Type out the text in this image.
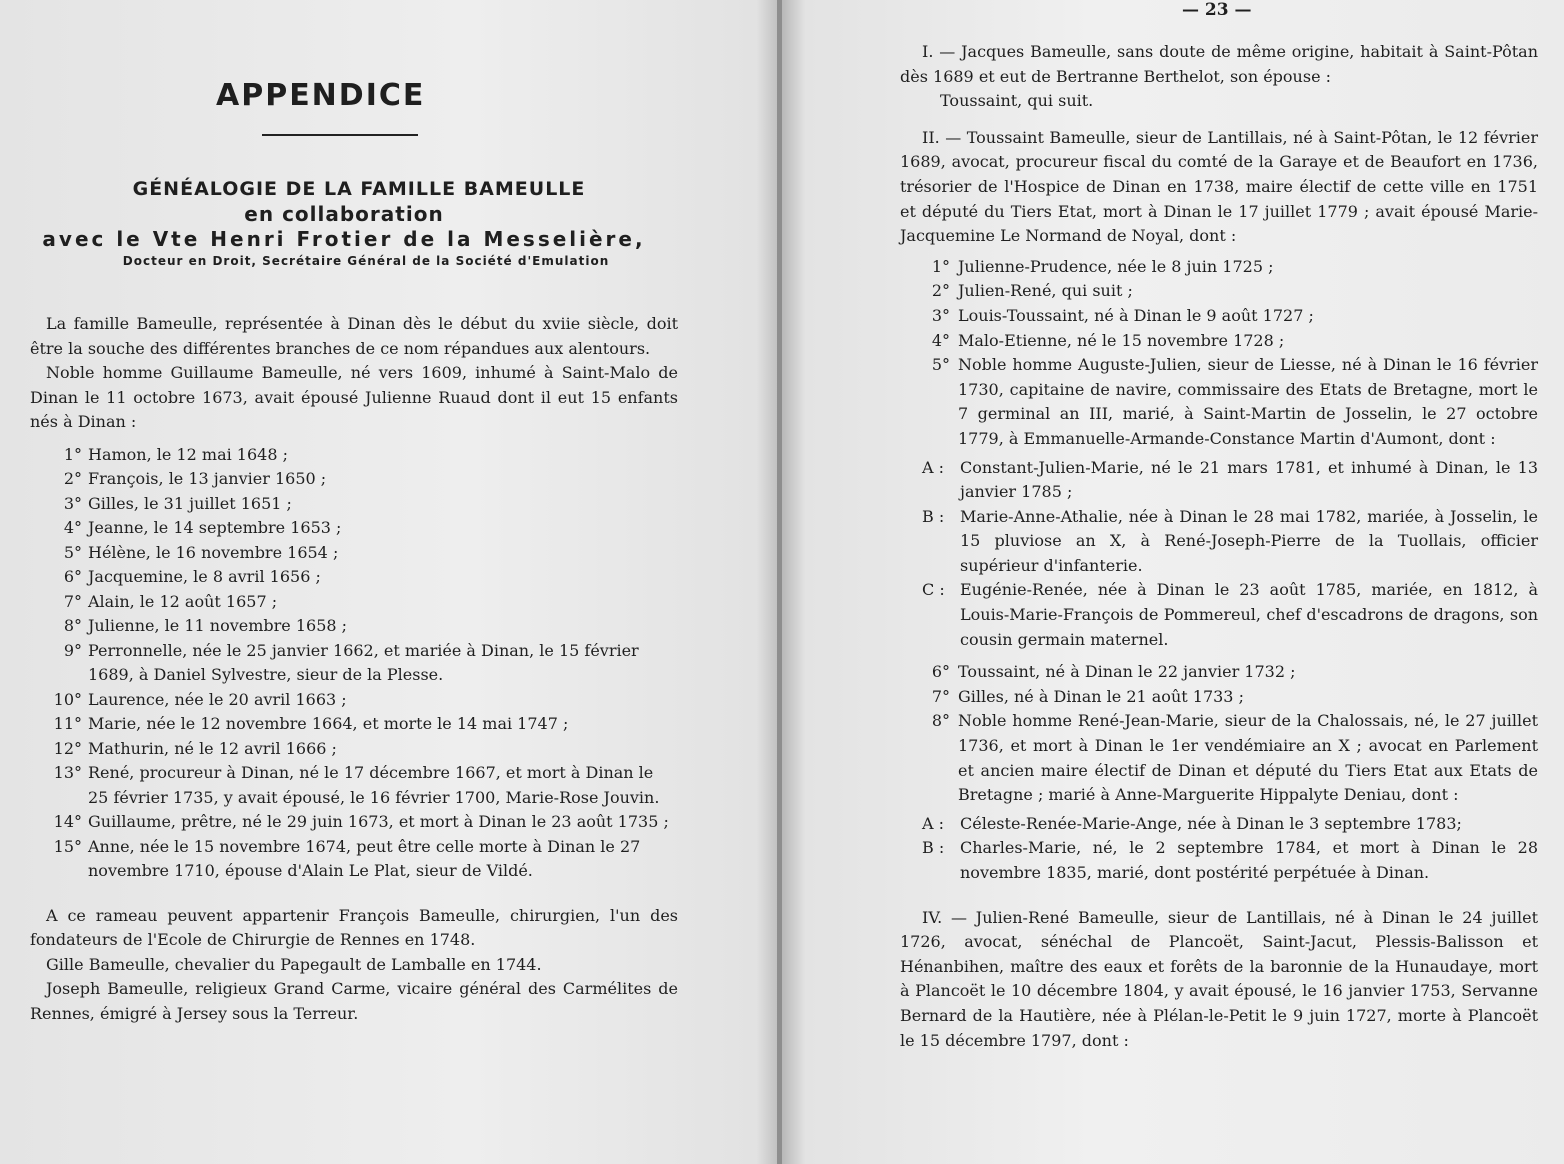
APPENDICE
GÉNÉALOGIE DE LA FAMILLE BAMEULLE
en collaboration
avec le Vte Henri Frotier de la Messelière,
Docteur en Droit, Secrétaire Général de la Société d'Emulation

La famille Bameulle, représentée à Dinan dès le début du xviie siècle, doit être la souche des différentes branches de ce nom répandues aux alentours.

Noble homme Guillaume Bameulle, né vers 1609, inhumé à Saint-Malo de Dinan le 11 octobre 1673, avait épousé Julienne Ruaud dont il eut 15 enfants nés à Dinan :

1° Hamon, le 12 mai 1648 ;
2° François, le 13 janvier 1650 ;
3° Gilles, le 31 juillet 1651 ;
4° Jeanne, le 14 septembre 1653 ;
5° Hélène, le 16 novembre 1654 ;
6° Jacquemine, le 8 avril 1656 ;
7° Alain, le 12 août 1657 ;
8° Julienne, le 11 novembre 1658 ;
9° Perronnelle, née le 25 janvier 1662, et mariée à Dinan, le 15 février 1689, à Daniel Sylvestre, sieur de la Plesse.
10° Laurence, née le 20 avril 1663 ;
11° Marie, née le 12 novembre 1664, et morte le 14 mai 1747 ;
12° Mathurin, né le 12 avril 1666 ;
13° René, procureur à Dinan, né le 17 décembre 1667, et mort à Dinan le 25 février 1735, y avait épousé, le 16 février 1700, Marie-Rose Jouvin.
14° Guillaume, prêtre, né le 29 juin 1673, et mort à Dinan le 23 août 1735 ;
15° Anne, née le 15 novembre 1674, peut être celle morte à Dinan le 27 novembre 1710, épouse d'Alain Le Plat, sieur de Vildé.

A ce rameau peuvent appartenir François Bameulle, chirurgien, l'un des fondateurs de l'Ecole de Chirurgie de Rennes en 1748.

Gille Bameulle, chevalier du Papegault de Lamballe en 1744.

Joseph Bameulle, religieux Grand Carme, vicaire général des Carmélites de Rennes, émigré à Jersey sous la Terreur.

— 23 —

I. — Jacques Bameulle, sans doute de même origine, habitait à Saint-Pôtan dès 1689 et eut de Bertranne Berthelot, son épouse :

Toussaint, qui suit.

II. — Toussaint Bameulle, sieur de Lantillais, né à Saint-Pôtan, le 12 février 1689, avocat, procureur fiscal du comté de la Garaye et de Beaufort en 1736, trésorier de l'Hospice de Dinan en 1738, maire électif de cette ville en 1751 et député du Tiers Etat, mort à Dinan le 17 juillet 1779 ; avait épousé Marie-Jacquemine Le Normand de Noyal, dont :

1° Julienne-Prudence, née le 8 juin 1725 ;
2° Julien-René, qui suit ;
3° Louis-Toussaint, né à Dinan le 9 août 1727 ;
4° Malo-Etienne, né le 15 novembre 1728 ;
5° Noble homme Auguste-Julien, sieur de Liesse, né à Dinan le 16 février 1730, capitaine de navire, commissaire des Etats de Bretagne, mort le 7 germinal an III, marié, à Saint-Martin de Josselin, le 27 octobre 1779, à Emmanuelle-Armande-Constance Martin d'Aumont, dont :
A : Constant-Julien-Marie, né le 21 mars 1781, et inhumé à Dinan, le 13 janvier 1785 ;
B : Marie-Anne-Athalie, née à Dinan le 28 mai 1782, mariée, à Josselin, le 15 pluviose an X, à René-Joseph-Pierre de la Tuollais, officier supérieur d'infanterie.
C : Eugénie-Renée, née à Dinan le 23 août 1785, mariée, en 1812, à Louis-Marie-François de Pommereul, chef d'escadrons de dragons, son cousin germain maternel.
6° Toussaint, né à Dinan le 22 janvier 1732 ;
7° Gilles, né à Dinan le 21 août 1733 ;
8° Noble homme René-Jean-Marie, sieur de la Chalossais, né, le 27 juillet 1736, et mort à Dinan le 1er vendémiaire an X ; avocat en Parlement et ancien maire électif de Dinan et député du Tiers Etat aux Etats de Bretagne ; marié à Anne-Marguerite Hippalyte Deniau, dont :
A : Céleste-Renée-Marie-Ange, née à Dinan le 3 septembre 1783;
B : Charles-Marie, né, le 2 septembre 1784, et mort à Dinan le 28 novembre 1835, marié, dont postérité perpétuée à Dinan.

IV. — Julien-René Bameulle, sieur de Lantillais, né à Dinan le 24 juillet 1726, avocat, sénéchal de Plancoët, Saint-Jacut, Plessis-Balisson et Hénanbihen, maître des eaux et forêts de la baronnie de la Hunaudaye, mort à Plancoët le 10 décembre 1804, y avait épousé, le 16 janvier 1753, Servanne Bernard de la Hautière, née à Plélan-le-Petit le 9 juin 1727, morte à Plancoët le 15 décembre 1797, dont :
